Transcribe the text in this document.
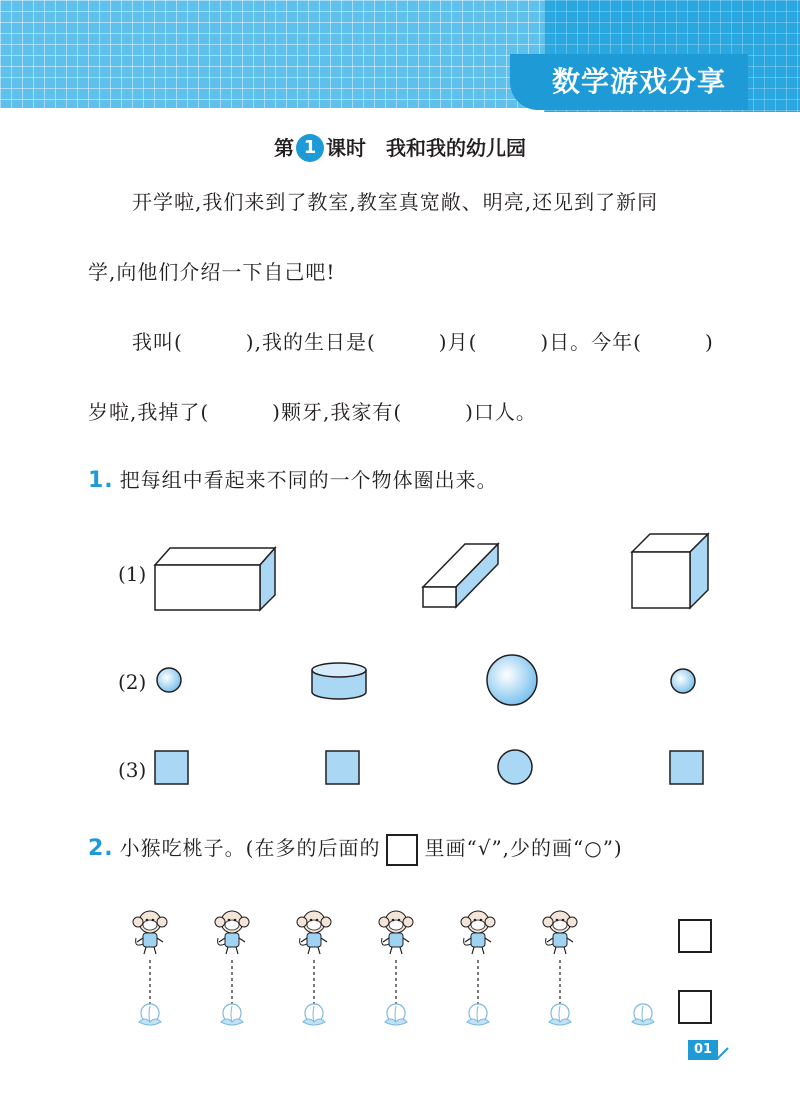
数学游戏分享
第 1 课时　我和我的幼儿园
开学啦,我们来到了教室,教室真宽敞、明亮,还见到了新同
学,向他们介绍一下自己吧!
我叫(　　　),我的生日是(　　　)月(　　　)日。今年(　　　)
岁啦,我掉了(　　　)颗牙,我家有(　　　)口人。
1. 把每组中看起来不同的一个物体圈出来。
(1)
(2)
(3)
2. 小猴吃桃子。(在多的后面的 里画“√”,少的画“○”)
01
